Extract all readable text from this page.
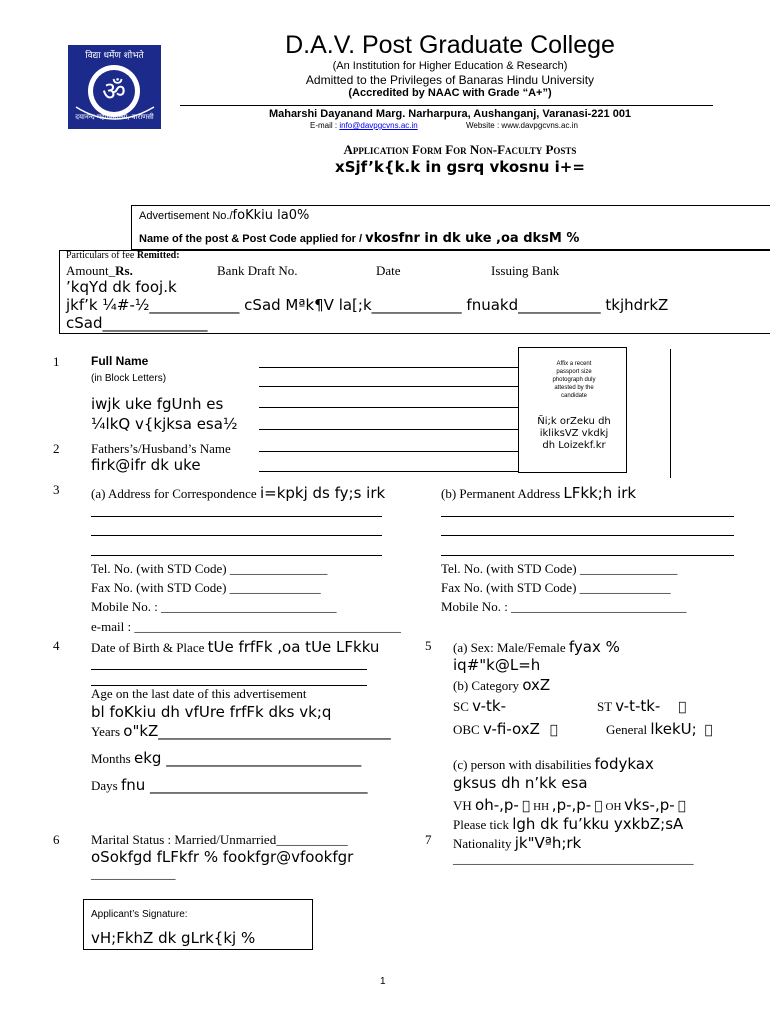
ॐ
विद्या धर्मेण शोभते
दयानन्द महाविद्यालय, वाराणसी
D.A.V. Post Graduate College
(An Institution for Higher Education & Research)
Admitted to the Privileges of Banaras Hindu University
(Accredited by NAAC with Grade “A+”)
Maharshi Dayanand Marg. Narharpura, Aushanganj, Varanasi-221 001
E-mail : info@davpgcvns.ac.in	Website : www.davpgcvns.ac.in
Application Form For Non-Faculty Posts
xSjf’k{k.k in gsrq vkosnu i+=
Advertisement No./foKkiu la0%
Name of the post & Post Code applied for / vkosfnr in dk uke ,oa dksM %
Particulars of fee Remitted:
Amount_Rs.	Bank Draft No.	Date	Issuing Bank
’kqYd dk fooj.k
jkf’k ¼#-½____________ cSad Mªk¶V la[;k____________ fnuakd___________ tkjhdrkZ
cSad______________
1	Full Name
(in Block Letters)
iwjk uke fgUnh es
¼lkQ v{kjksa esa½
Affix a recent passport size photograph duly attested by the candidate
Ñi;k orZeku dh ikliksVZ vkdkj dh Loizekf.kr
2 Fathers’s/Husband’s Name
firk@ifr dk uke
3 (a) Address for Correspondence i=kpkj ds fy;s irk
Tel. No. (with STD Code) _______________
Fax No. (with STD Code) ______________
Mobile No. : ___________________________
e-mail : _________________________________________
(b) Permanent Address LFkk;h irk
Tel. No. (with STD Code) _______________
Fax No. (with STD Code) ______________
Mobile No. : ___________________________
4 Date of Birth & Place tUe frfFk ,oa tUe LFkku
Age on the last date of this advertisement
bl foKkiu dh vfUre frfFk dks vk;q
Years o"kZ_______________________________
Months ekg __________________________
Days fnu _____________________________
5 (a) Sex: Male/Female fyax %
iq#"k@L=h
(b) Category oxZ
SC v-tk-	ST v-t-tk-
OBC v-fi-oxZ	General lkekU;
(c) person with disabilities fodykax
gksus dh n’kk esa
VH oh-,p- HH ,p-,p- OH vks-,p-
Please tick lgh dk fu’kku yxkbZ;sA
6 Marital Status : Married/Unmarried___________
oSokfgd fLFkfr % fookfgr@vfookfgr
_____________
7 Nationality jk"Vªh;rk
_____________________________________
Applicant’s Signature:
vH;FkhZ dk gLrk{kj %
1
